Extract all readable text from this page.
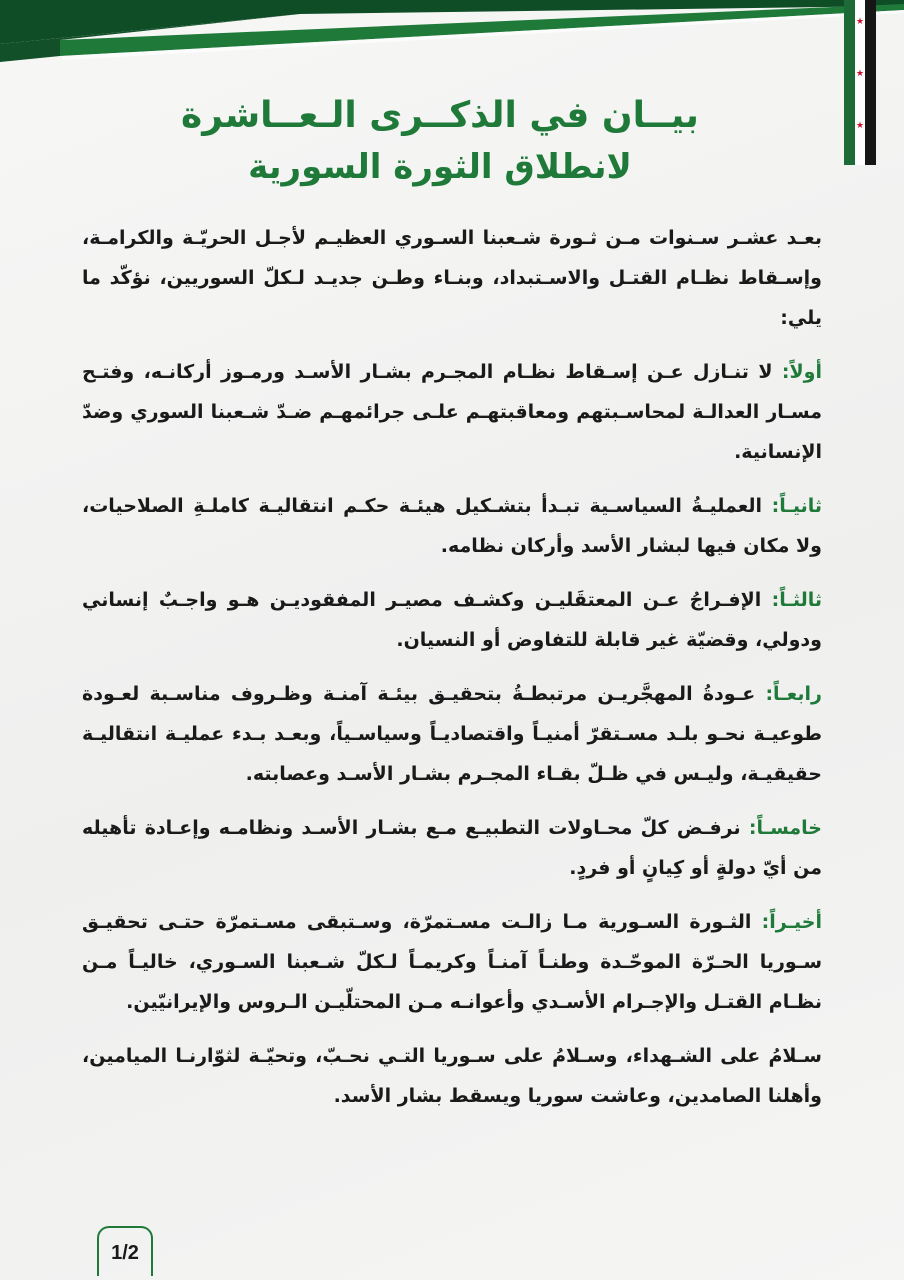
★
★
★
بيــان في الذكــرى الـعــاشرة
لانطلاق الثورة السورية

بعـد عشـر سـنوات مـن ثـورة شـعبنا السـوري العظيـم لأجـل الحريّـة والكرامـة، وإسـقاط نظـام القتـل والاسـتبداد، وبنـاء وطـن جديـد لـكلّ السوريين، نؤكّد ما يلي:

أولاً: لا تنـازل عـن إسـقاط نظـام المجـرم بشـار الأسـد ورمـوز أركانـه، وفتـح مسـار العدالـة لمحاسـبتهم ومعاقبتهـم علـى جرائمهـم ضـدّ شـعبنا السوري وضدّ الإنسانية.

ثانيـاً: العمليـةُ السياسـية تبـدأ بتشـكيل هيئـة حكـم انتقاليـة كاملـةِ الصلاحيات، ولا مكان فيها لبشار الأسد وأركان نظامه.

ثالثـاً: الإفـراجُ عـن المعتقَليـن وكشـف مصيـر المفقوديـن هـو واجـبٌ إنساني ودولي، وقضيّة غير قابلة للتفاوض أو النسيان.

رابعـاً: عـودةُ المهجَّريـن مرتبطـةُ بتحقيـق بيئـة آمنـة وظـروف مناسـبة لعـودة طوعيـة نحـو بلـد مسـتقرّ أمنيـاً واقتصاديـاً وسياسـياً، وبعـد بـدء عمليـة انتقاليـة حقيقيـة، وليـس في ظـلّ بقـاء المجـرم بشـار الأسـد وعصابته.

خامسـاً: نرفـض كلّ محـاولات التطبيـع مـع بشـار الأسـد ونظامـه وإعـادة تأهيله من أيّ دولةٍ أو كِيانٍ أو فردٍ.

أخيـراً: الثـورة السـورية مـا زالـت مسـتمرّة، وسـتبقى مسـتمرّة حتـى تحقيـق سـوريا الحـرّة الموحّـدة وطنـاً آمنـاً وكريمـاً لـكلّ شـعبنا السـوري، خاليـاً مـن نظـام القتـل والإجـرام الأسـدي وأعوانـه مـن المحتلّيـن الـروس والإيرانيّين.

سـلامُ على الشـهداء، وسـلامُ على سـوريا التـي نحـبّ، وتحيّـة لثوّارنـا الميامين، وأهلنا الصامدين، وعاشت سوريا ويسقط بشار الأسد.

1/2
